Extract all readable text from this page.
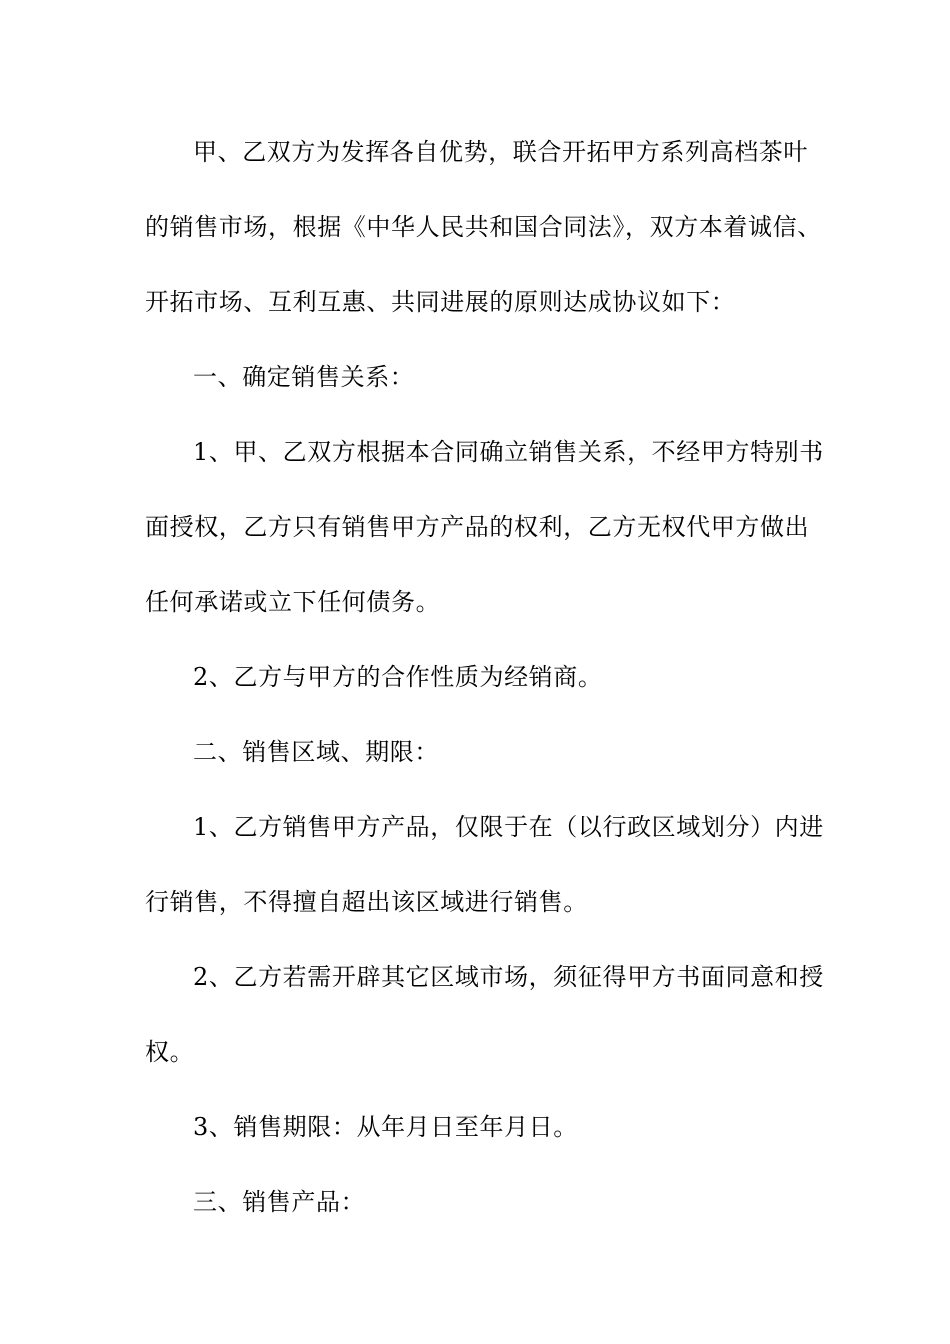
甲、乙双方为发挥各自优势，联合开拓甲方系列高档茶叶
的销售市场，根据《中华人民共和国合同法》，双方本着诚信、
开拓市场、互利互惠、共同进展的原则达成协议如下：
一、确定销售关系：
1、甲、乙双方根据本合同确立销售关系，不经甲方特别书
面授权，乙方只有销售甲方产品的权利，乙方无权代甲方做出
任何承诺或立下任何债务。
2、乙方与甲方的合作性质为经销商。
二、销售区域、期限：
1、乙方销售甲方产品，仅限于在（以行政区域划分）内进
行销售，不得擅自超出该区域进行销售。
2、乙方若需开辟其它区域市场，须征得甲方书面同意和授
权。
3、销售期限：从年月日至年月日。
三、销售产品：
